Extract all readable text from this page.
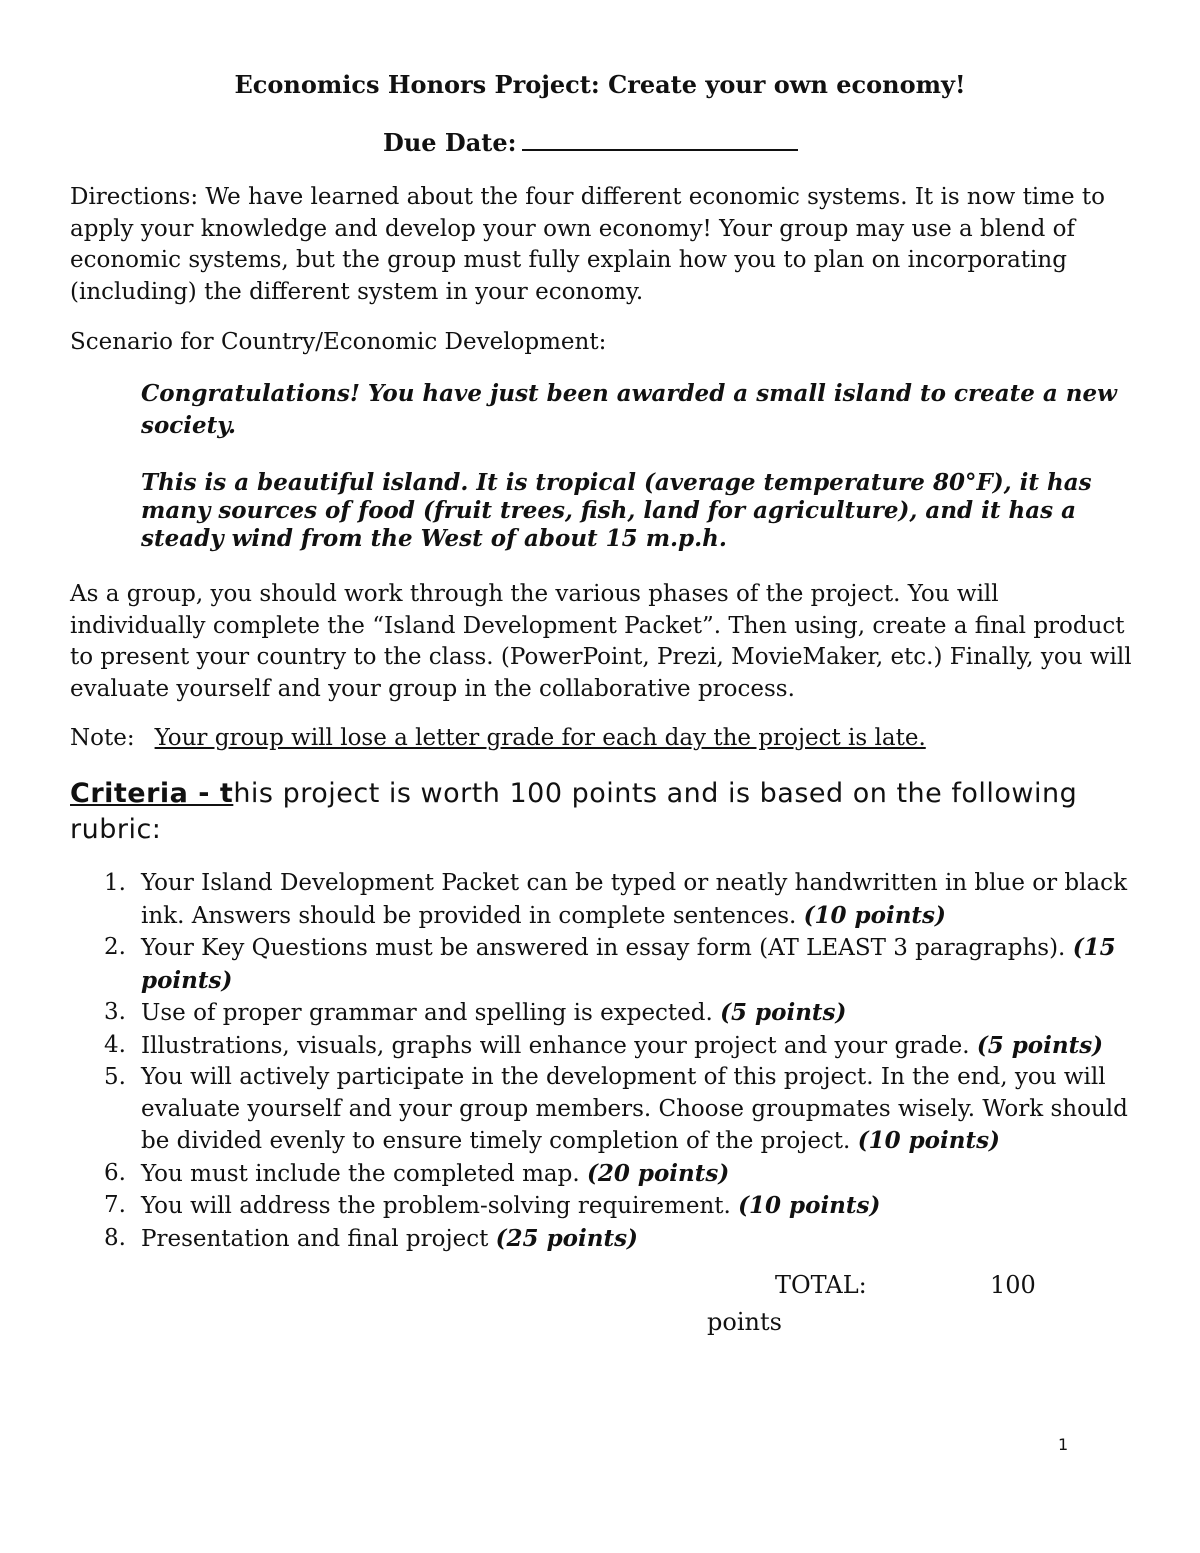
Economics Honors Project: Create your own economy!
Due Date:

Directions: We have learned about the four different economic systems. It is now time to apply your knowledge and develop your own economy! Your group may use a blend of economic systems, but the group must fully explain how you to plan on incorporating (including) the different system in your economy.

Scenario for Country/Economic Development:

Congratulations! You have just been awarded a small island to create a new society.

This is a beautiful island. It is tropical (average temperature 80°F), it has many sources of food (fruit trees, fish, land for agriculture), and it has a steady wind from the West of about 15 m.p.h.

As a group, you should work through the various phases of the project. You will individually complete the “Island Development Packet”. Then using, create a final product to present your country to the class. (PowerPoint, Prezi, MovieMaker, etc.) Finally, you will evaluate yourself and your group in the collaborative process.

Note: Your group will lose a letter grade for each day the project is late.

Criteria - this project is worth 100 points and is based on the following rubric:

1. Your Island Development Packet can be typed or neatly handwritten in blue or black ink. Answers should be provided in complete sentences. (10 points)
2. Your Key Questions must be answered in essay form (AT LEAST 3 paragraphs). (15 points)
3. Use of proper grammar and spelling is expected. (5 points)
4. Illustrations, visuals, graphs will enhance your project and your grade. (5 points)
5. You will actively participate in the development of this project. In the end, you will evaluate yourself and your group members. Choose groupmates wisely. Work should be divided evenly to ensure timely completion of the project. (10 points)
6. You must include the completed map. (20 points)
7. You will address the problem-solving requirement. (10 points)
8. Presentation and final project (25 points)
TOTAL:	100
points
1
